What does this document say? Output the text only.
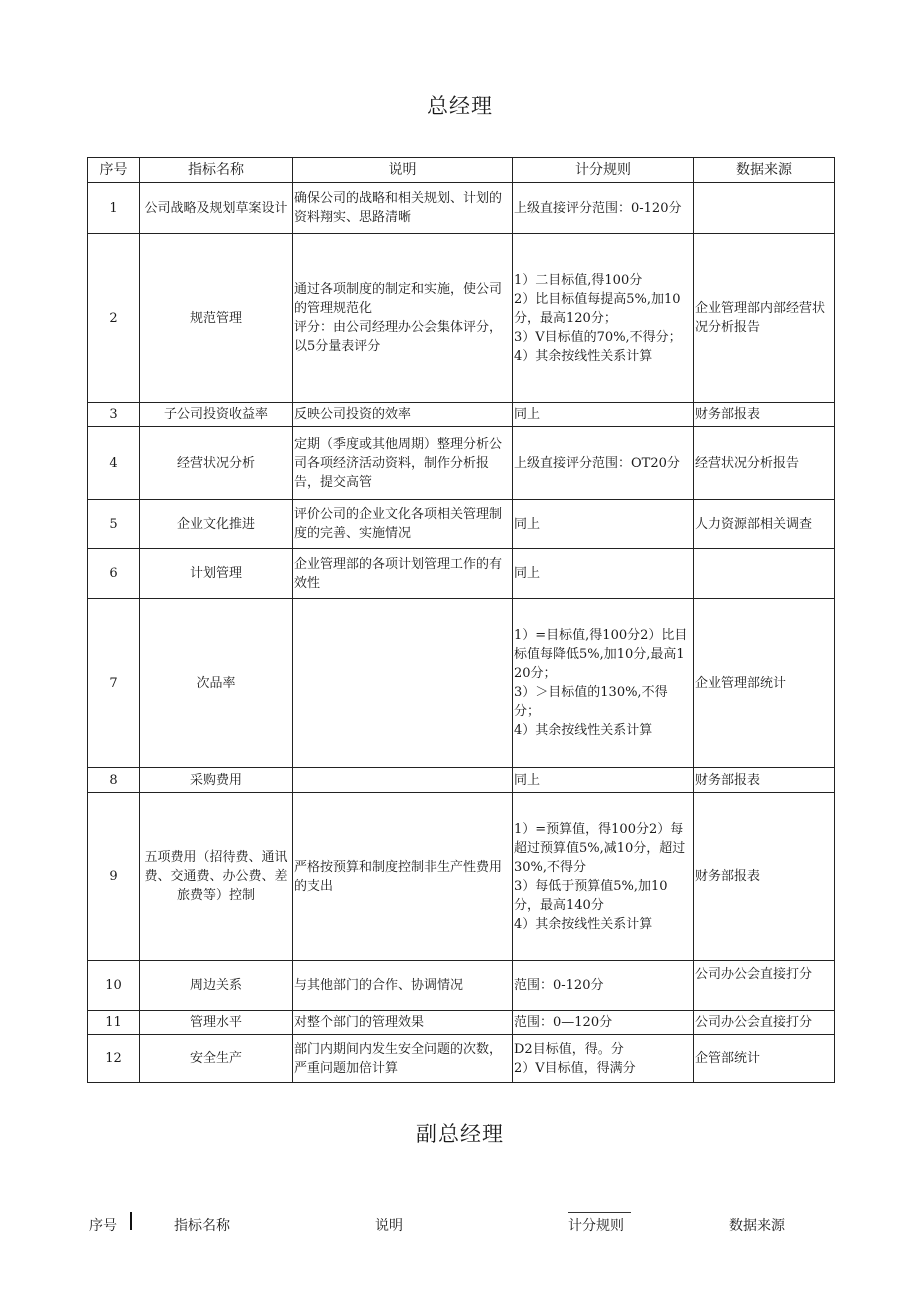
总经理
序号	指标名称	说明	计分规则	数据来源
1	公司战略及规划草案设计	确保公司的战略和相关规划、计划的资料翔实、思路清晰	上级直接评分范围：0-120分	
2	规范管理	通过各项制度的制定和实施，使公司的管理规范化
评分：由公司经理办公会集体评分，以5分量表评分	1）二目标值,得100分
2）比目标值每提高5%,加10分，最高120分；
3）V目标值的70%,不得分；
4）其余按线性关系计算	企业管理部内部经营状况分析报告
3	子公司投资收益率	反映公司投资的效率	同上	财务部报表
4	经营状况分析	定期（季度或其他周期）整理分析公司各项经济活动资料，制作分析报告，提交高管	上级直接评分范围：OT20分	经营状况分析报告
5	企业文化推进	评价公司的企业文化各项相关管理制度的完善、实施情况	同上	人力资源部相关调查
6	计划管理	企业管理部的各项计划管理工作的有效性	同上	
7	次品率		1）=目标值,得100分2）比目标值每降低5%,加10分,最高120分；
3）＞目标值的130%,不得分；
4）其余按线性关系计算	企业管理部统计
8	采购费用		同上	财务部报表
9	五项费用（招待费、通讯费、交通费、办公费、差旅费等）控制	严格按预算和制度控制非生产性费用的支出	1）=预算值，得100分2）每超过预算值5%,减10分，超过30%,不得分
3）每低于预算值5%,加10分，最高140分
4）其余按线性关系计算	财务部报表
10	周边关系	与其他部门的合作、协调情况	范围：0-120分	公司办公会直接打分
11	管理水平	对整个部门的管理效果	范围：0—120分	公司办公会直接打分
12	安全生产	部门内期间内发生安全问题的次数，严重问题加倍计算	D2目标值，得。分
2）V目标值，得满分	企管部统计
副总经理
序号	指标名称	说明	计分规则	数据来源
